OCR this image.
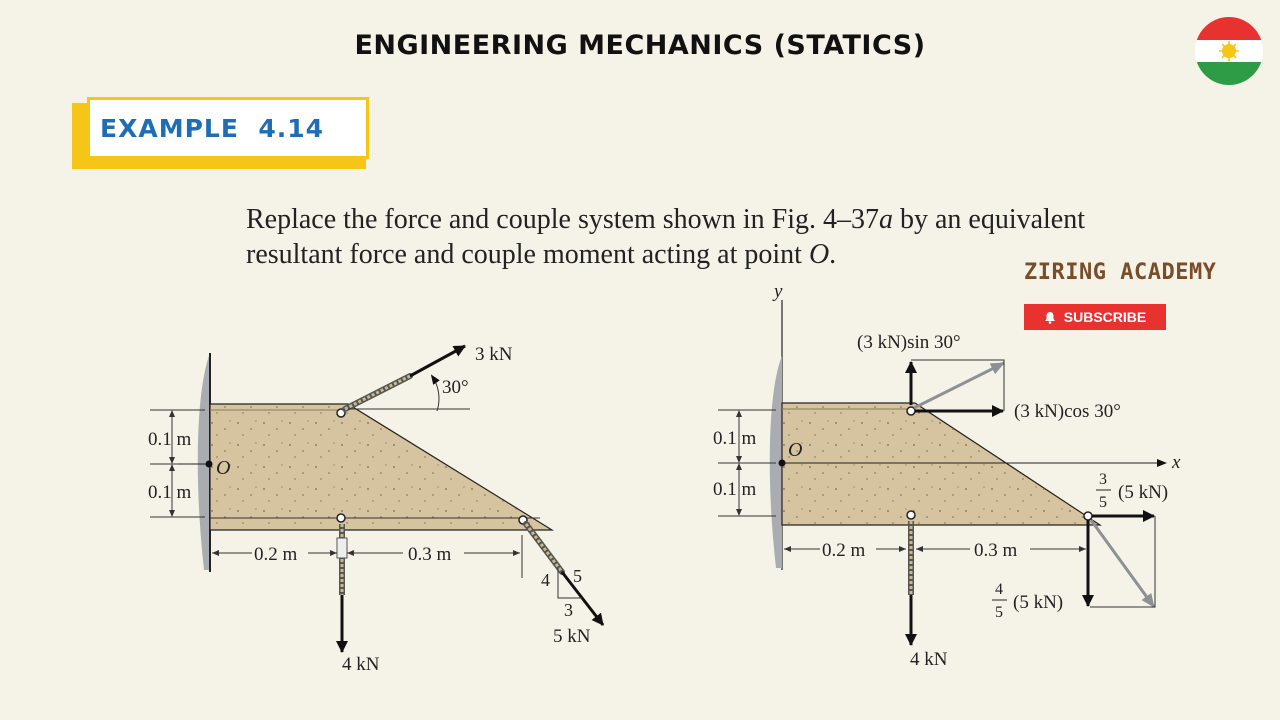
ENGINEERING MECHANICS (STATICS)
EXAMPLE  4.14
Replace the force and couple system shown in Fig. 4–37a by an equivalent
resultant force and couple moment acting at point O.
ZIRING ACADEMY
SUBSCRIBE
0.1 m
0.1 m
O
3 kN
30°
4 kN
0.2 m	0.3 m
4 5
3
5 kN
y
x
O
0.1 m
0.1 m
(3 kN)sin 30°
(3 kN)cos 30°
4 kN
0.2 m	0.3 m
3
5 (5 kN)
4
5 (5 kN)
